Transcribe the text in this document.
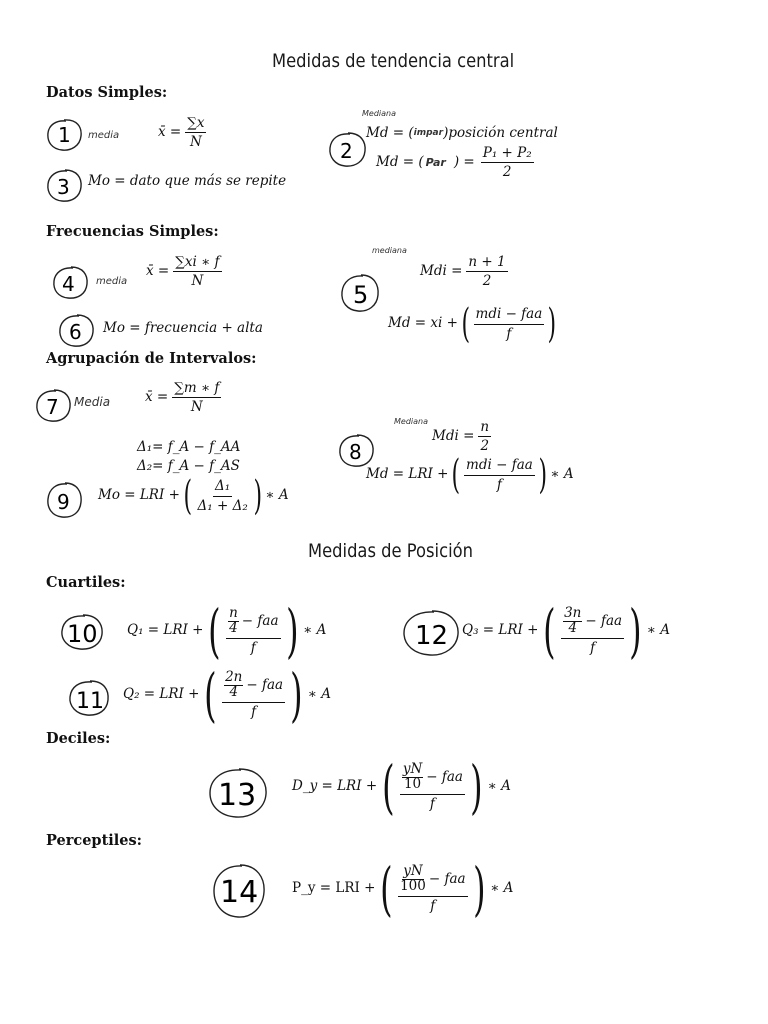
Medidas de tendencia central
Medidas de Posición
Datos Simples:
Frecuencias Simples:
Agrupación de Intervalos:
Cuartiles:
Deciles:
Perceptiles:
1
2
3
4	5
6
7
8
9
10
11
12
13
14
media
Mediana
media
mediana
Media
Mediana
x̄ = $\frac{\sum x}{N}$	Md = ( impar )posición central
Md = ( Par ) = $\frac{\text{P₁ + P₂}}{2}$
Mo = dato que más se repite
x̄ = $\frac{\sum xi ∗ f}{N}$	Mdi = $\frac{n + 1}{2}$
Md = xi + ( $\frac{\text{mdi − faa}}{f}$ )
Mo = frecuencia + alta
x̄ = $\frac{\sum m ∗ f}{N}$
Δ₁= f_A − f_AA
Δ₂= f_A − f_AS
Mdi = $\frac{n}{2}$
Md = LRI + ( $\frac{\text{mdi − faa}}{f}$ ) ∗ A
Mo = LRI + ( $\frac{\text{Δ₁}}{\text{Δ₁ + Δ₂}}$ ) ∗ A
Q₁ = LRI + ( $\frac{\frac{n}{4} - faa}{f}$ ) ∗ A	Q₃ = LRI + ( $\frac{\frac{3n}{4} - faa}{f}$ ) ∗ A
Q₂ = LRI + ( $\frac{\frac{2n}{4} - faa}{f}$ ) ∗ A
D_y = LRI + ( $\frac{\frac{yN}{10} - faa}{f}$ ) ∗ A
P_y = LRI + ( $\frac{\frac{yN}{100} - faa}{f}$ ) ∗ A
